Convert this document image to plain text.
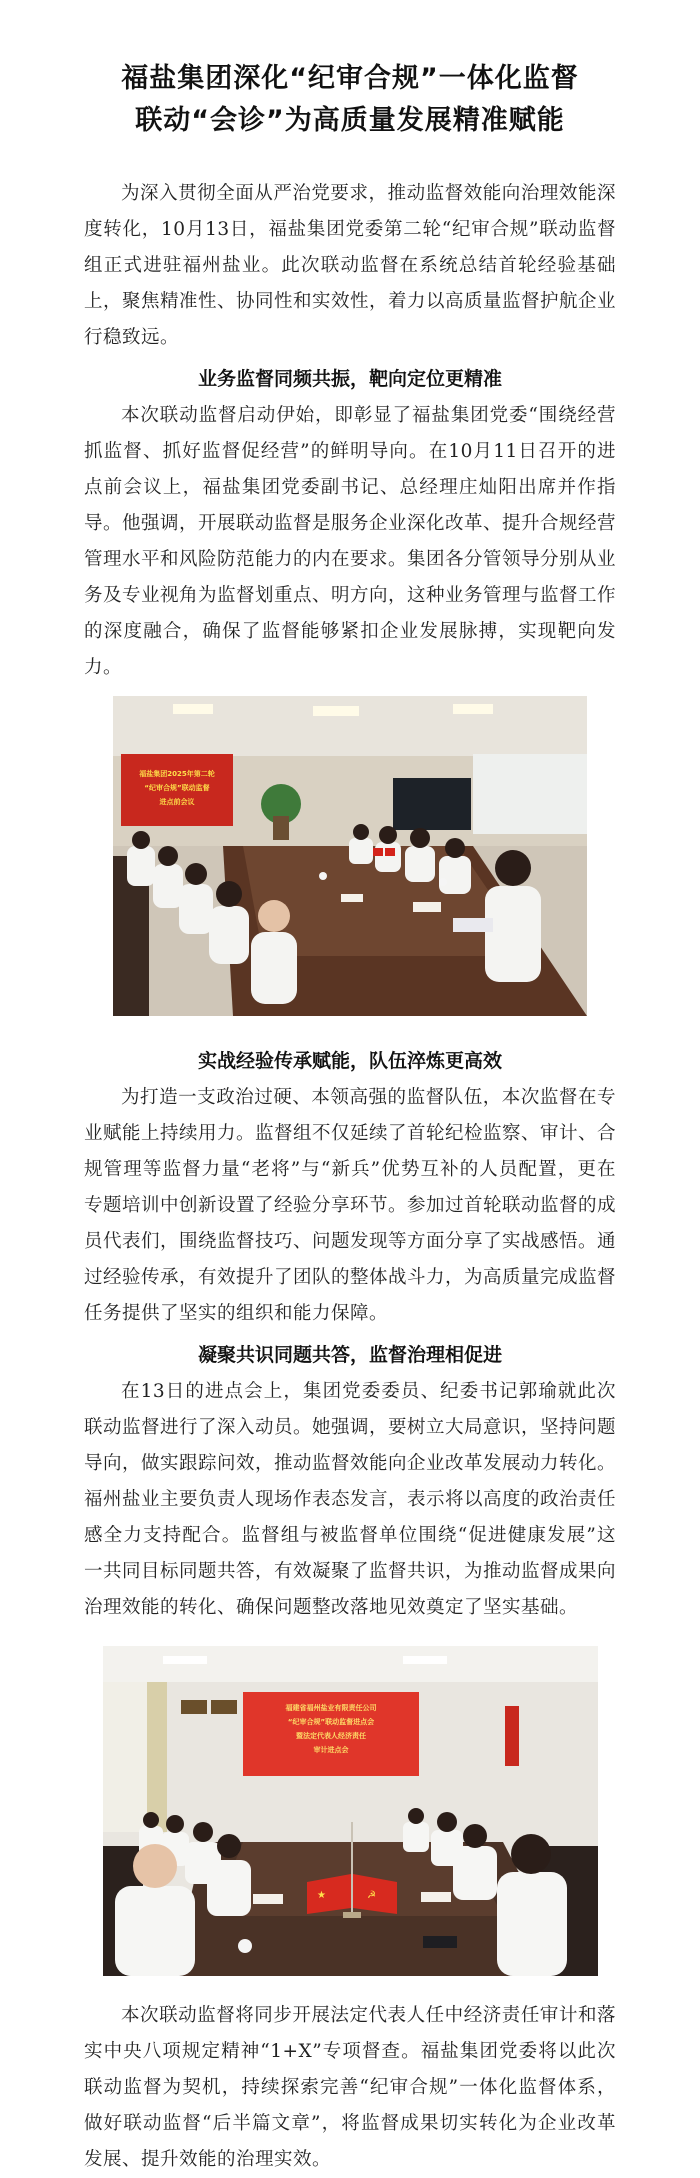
福盐集团深化“纪审合规”一体化监督
联动“会诊”为高质量发展精准赋能

为深入贯彻全面从严治党要求，推动监督效能向治理效能深度转化，10月13日，福盐集团党委第二轮“纪审合规”联动监督组正式进驻福州盐业。此次联动监督在系统总结首轮经验基础上，聚焦精准性、协同性和实效性，着力以高质量监督护航企业行稳致远。

业务监督同频共振，靶向定位更精准

本次联动监督启动伊始，即彰显了福盐集团党委“围绕经营抓监督、抓好监督促经营”的鲜明导向。在10月11日召开的进点前会议上，福盐集团党委副书记、总经理庄灿阳出席并作指导。他强调，开展联动监督是服务企业深化改革、提升合规经营管理水平和风险防范能力的内在要求。集团各分管领导分别从业务及专业视角为监督划重点、明方向，这种业务管理与监督工作的深度融合，确保了监督能够紧扣企业发展脉搏，实现靶向发力。

福盐集团2025年第二轮
“纪审合规”联动监督
进点前会议
实战经验传承赋能，队伍淬炼更高效

为打造一支政治过硬、本领高强的监督队伍，本次监督在专业赋能上持续用力。监督组不仅延续了首轮纪检监察、审计、合规管理等监督力量“老将”与“新兵”优势互补的人员配置，更在专题培训中创新设置了经验分享环节。参加过首轮联动监督的成员代表们，围绕监督技巧、问题发现等方面分享了实战感悟。通过经验传承，有效提升了团队的整体战斗力，为高质量完成监督任务提供了坚实的组织和能力保障。

凝聚共识同题共答，监督治理相促进

在13日的进点会上，集团党委委员、纪委书记郭瑜就此次联动监督进行了深入动员。她强调，要树立大局意识，坚持问题导向，做实跟踪问效，推动监督效能向企业改革发展动力转化。福州盐业主要负责人现场作表态发言，表示将以高度的政治责任感全力支持配合。监督组与被监督单位围绕“促进健康发展”这一共同目标同题共答，有效凝聚了监督共识，为推动监督成果向治理效能的转化、确保问题整改落地见效奠定了坚实基础。

福建省福州盐业有限责任公司
“纪审合规”联动监督进点会
暨法定代表人经济责任
审计进点会
★	☭

本次联动监督将同步开展法定代表人任中经济责任审计和落实中央八项规定精神“1+X”专项督查。福盐集团党委将以此次联动监督为契机，持续探索完善“纪审合规”一体化监督体系，做好联动监督“后半篇文章”，将监督成果切实转化为企业改革发展、提升效能的治理实效。
